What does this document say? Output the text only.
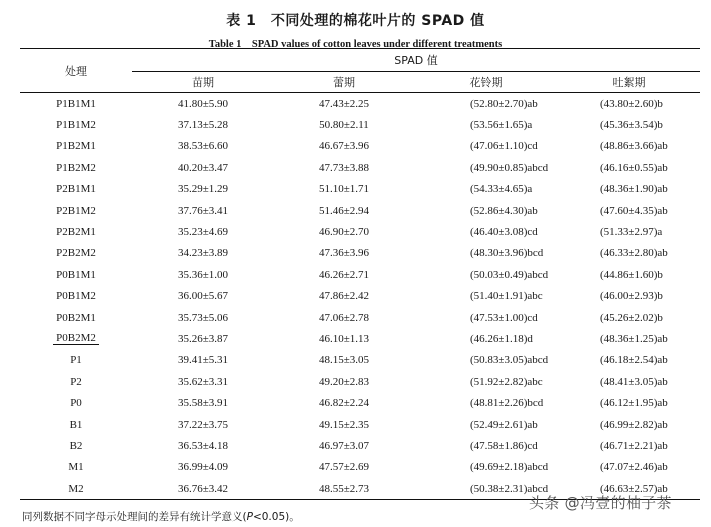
表 1　不同处理的棉花叶片的 SPAD 值
Table 1　SPAD values of cotton leaves under different treatments
处理	SPAD 值			
	苗期	蕾期	花铃期	吐絮期
P1B1M1	41.80±5.90	47.43±2.25	(52.80±2.70)ab	(43.80±2.60)b
P1B1M2	37.13±5.28	50.80±2.11	(53.56±1.65)a	(45.36±3.54)b
P1B2M1	38.53±6.60	46.67±3.96	(47.06±1.10)cd	(48.86±3.66)ab
P1B2M2	40.20±3.47	47.73±3.88	(49.90±0.85)abcd	(46.16±0.55)ab
P2B1M1	35.29±1.29	51.10±1.71	(54.33±4.65)a	(48.36±1.90)ab
P2B1M2	37.76±3.41	51.46±2.94	(52.86±4.30)ab	(47.60±4.35)ab
P2B2M1	35.23±4.69	46.90±2.70	(46.40±3.08)cd	(51.33±2.97)a
P2B2M2	34.23±3.89	47.36±3.96	(48.30±3.96)bcd	(46.33±2.80)ab
P0B1M1	35.36±1.00	46.26±2.71	(50.03±0.49)abcd	(44.86±1.60)b
P0B1M2	36.00±5.67	47.86±2.42	(51.40±1.91)abc	(46.00±2.93)b
P0B2M1	35.73±5.06	47.06±2.78	(47.53±1.00)cd	(45.26±2.02)b
P0B2M2	35.26±3.87	46.10±1.13	(46.26±1.18)d	(48.36±1.25)ab
P1	39.41±5.31	48.15±3.05	(50.83±3.05)abcd	(46.18±2.54)ab
P2	35.62±3.31	49.20±2.83	(51.92±2.82)abc	(48.41±3.05)ab
P0	35.58±3.91	46.82±2.24	(48.81±2.26)bcd	(46.12±1.95)ab
B1	37.22±3.75	49.15±2.35	(52.49±2.61)ab	(46.99±2.82)ab
B2	36.53±4.18	46.97±3.07	(47.58±1.86)cd	(46.71±2.21)ab
M1	36.99±4.09	47.57±2.69	(49.69±2.18)abcd	(47.07±2.46)ab
M2	36.76±3.42	48.55±2.73	(50.38±2.31)abcd	(46.63±2.57)ab
同列数据不同字母示处理间的差异有统计学意义(P<0.05)。
头条 @冯壹的柚子茶
